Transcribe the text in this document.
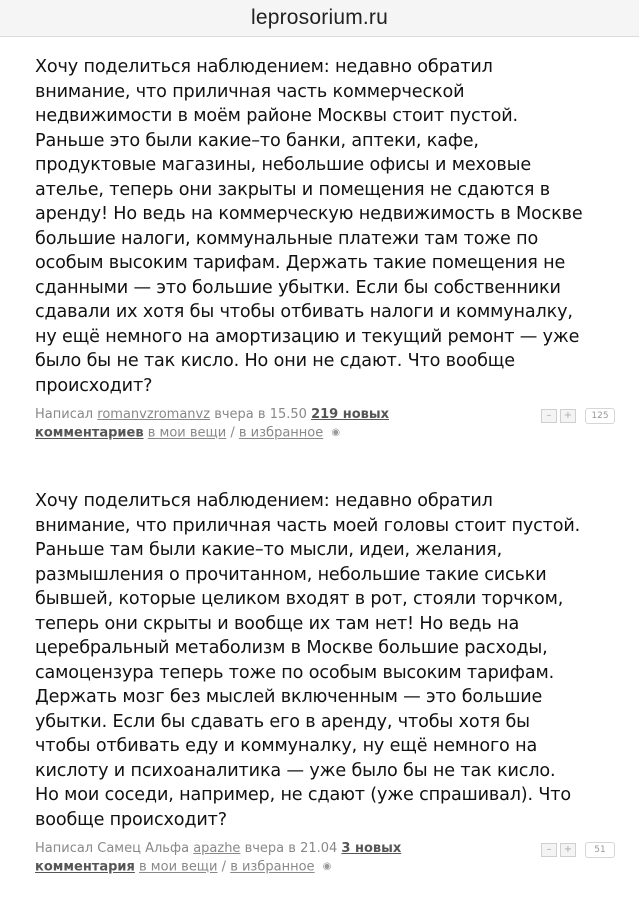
leprosorium.ru
Хочу поделиться наблюдением: недавно обратил
внимание, что приличная часть коммерческой
недвижимости в моём районе Москвы стоит пустой.
Раньше это были какие–то банки, аптеки, кафе,
продуктовые магазины, небольшие офисы и меховые
ателье, теперь они закрыты и помещения не сдаются в
аренду! Но ведь на коммерческую недвижимость в Москве
большие налоги, коммунальные платежи там тоже по
особым высоким тарифам. Держать такие помещения не
сданными — это большие убытки. Если бы собственники
сдавали их хотя бы чтобы отбивать налоги и коммуналку,
ну ещё немного на амортизацию и текущий ремонт — уже
было бы не так кисло. Но они не сдают. Что вообще
происходит?
Написал romanvzromanvz вчера в 15.50 219 новых комментариев в мои вещи / в избранное ◉
–	+	125
Хочу поделиться наблюдением: недавно обратил
внимание, что приличная часть моей головы стоит пустой.
Раньше там были какие–то мысли, идеи, желания,
размышления о прочитанном, небольшие такие сиськи
бывшей, которые целиком входят в рот, стояли торчком,
теперь они скрыты и вообще их там нет! Но ведь на
церебральный метаболизм в Москве большие расходы,
самоцензура теперь тоже по особым высоким тарифам.
Держать мозг без мыслей включенным — это большие
убытки. Если бы сдавать его в аренду, чтобы хотя бы
чтобы отбивать еду и коммуналку, ну ещё немного на
кислоту и психоаналитика — уже было бы не так кисло.
Но мои соседи, например, не сдают (уже спрашивал). Что
вообще происходит?
Написал Самец Альфа apazhe вчера в 21.04 3 новых комментария в мои вещи / в избранное ◉
–	+	51
